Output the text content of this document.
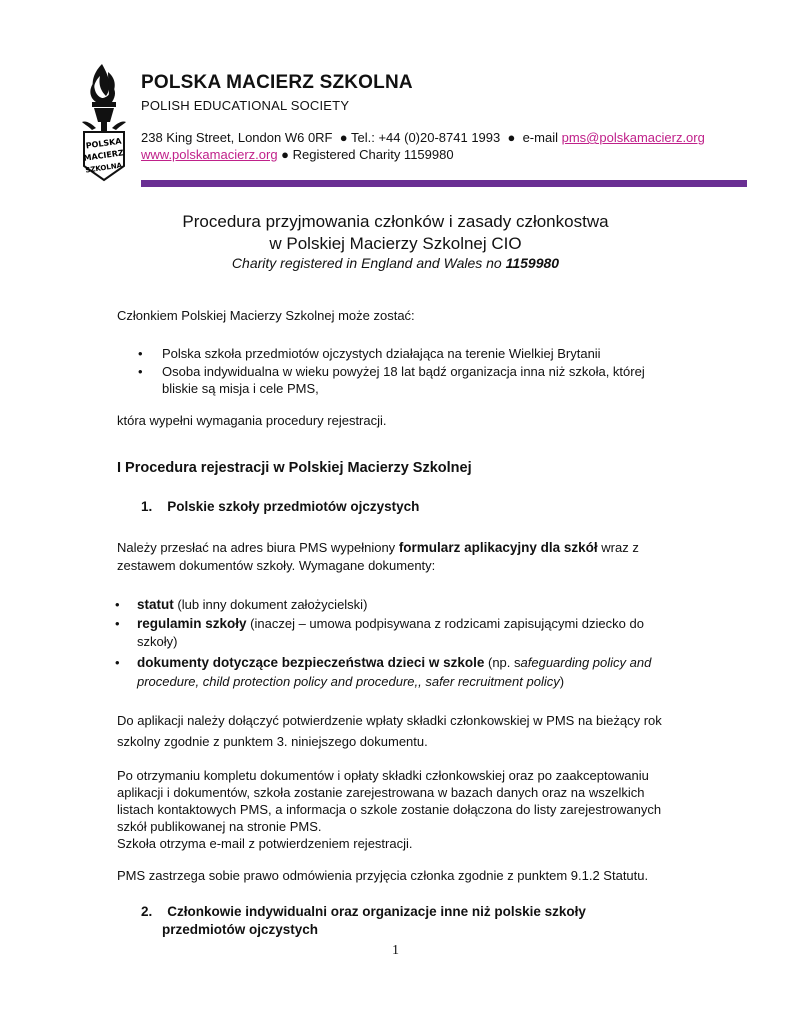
POLSKA
MACIERZ
SZKOLNA
POLSKA MACIERZ SZKOLNA
POLISH EDUCATIONAL SOCIETY
238 King Street, London W6 0RF ● Tel.: +44 (0)20-8741 1993 ● e-mail pms@polskamacierz.org
www.polskamacierz.org ● Registered Charity 1159980
Procedura przyjmowania członków i zasady członkostwa
w Polskiej Macierzy Szkolnej CIO
Charity registered in England and Wales no 1159980
Członkiem Polskiej Macierzy Szkolnej może zostać:
• Polska szkoła przedmiotów ojczystych działająca na terenie Wielkiej Brytanii
• Osoba indywidualna w wieku powyżej 18 lat bądź organizacja inna niż szkoła, której
bliskie są misja i cele PMS,
która wypełni wymagania procedury rejestracji.
I Procedura rejestracji w Polskiej Macierzy Szkolnej
1. Polskie szkoły przedmiotów ojczystych
Należy przesłać na adres biura PMS wypełniony formularz aplikacyjny dla szkół wraz z
zestawem dokumentów szkoły. Wymagane dokumenty:
• statut (lub inny dokument założycielski)
• regulamin szkoły (inaczej – umowa podpisywana z rodzicami zapisującymi dziecko do
szkoły)
• dokumenty dotyczące bezpieczeństwa dzieci w szkole (np. safeguarding policy and
procedure, child protection policy and procedure,, safer recruitment policy)
Do aplikacji należy dołączyć potwierdzenie wpłaty składki członkowskiej w PMS na bieżący rok
szkolny zgodnie z punktem 3. niniejszego dokumentu.
Po otrzymaniu kompletu dokumentów i opłaty składki członkowskiej oraz po zaakceptowaniu
aplikacji i dokumentów, szkoła zostanie zarejestrowana w bazach danych oraz na wszelkich
listach kontaktowych PMS, a informacja o szkole zostanie dołączona do listy zarejestrowanych
szkół publikowanej na stronie PMS.
Szkoła otrzyma e-mail z potwierdzeniem rejestracji.
PMS zastrzega sobie prawo odmówienia przyjęcia członka zgodnie z punktem 9.1.2 Statutu.
2. Członkowie indywidualni oraz organizacje inne niż polskie szkoły
przedmiotów ojczystych
1
